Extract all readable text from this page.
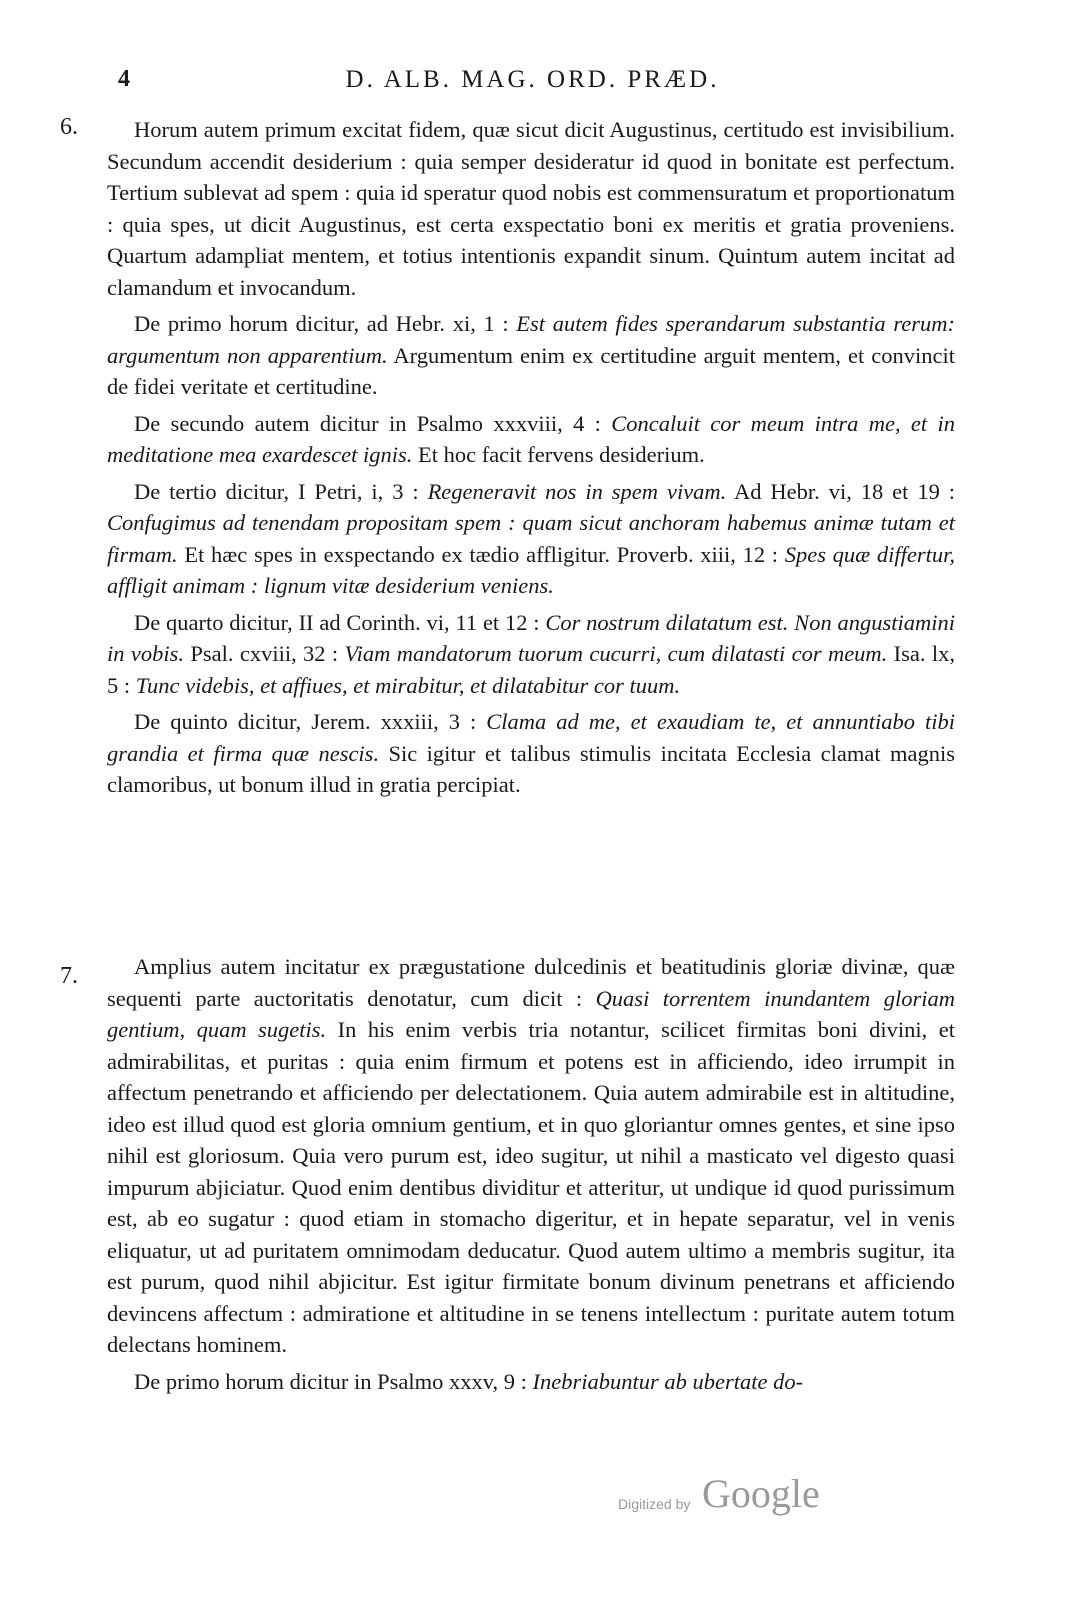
4	D. ALB. MAG. ORD. PRÆD.
6.	Horum autem primum excitat fidem, quæ sicut dicit Augustinus, certitudo est invisibilium. Secundum accendit desiderium : quia semper desideratur id quod in bonitate est perfectum. Tertium sublevat ad spem : quia id speratur quod nobis est commensuratum et proportionatum : quia spes, ut dicit Augustinus, est certa exspectatio boni ex meritis et gratia proveniens. Quartum adampliat mentem, et totius intentionis expandit sinum. Quintum autem incitat ad clamandum et invocandum.

De primo horum dicitur, ad Hebr. xi, 1 : Est autem fides sperandarum substantia rerum: argumentum non apparentium. Argumentum enim ex certitudine arguit mentem, et convincit de fidei veritate et certitudine.

De secundo autem dicitur in Psalmo xxxviii, 4 : Concaluit cor meum intra me, et in meditatione mea exardescet ignis. Et hoc facit fervens desiderium.

De tertio dicitur, I Petri, i, 3 : Regeneravit nos in spem vivam. Ad Hebr. vi, 18 et 19 : Confugimus ad tenendam propositam spem : quam sicut anchoram habemus animæ tutam et firmam. Et hæc spes in exspectando ex tædio affligitur. Proverb. xiii, 12 : Spes quæ differtur, affligit animam : lignum vitæ desiderium veniens.

De quarto dicitur, II ad Corinth. vi, 11 et 12 : Cor nostrum dilatatum est. Non angustiamini in vobis. Psal. cxviii, 32 : Viam mandatorum tuorum cucurri, cum dilatasti cor meum. Isa. lx, 5 : Tunc videbis, et affiues, et mirabitur, et dilatabitur cor tuum.

De quinto dicitur, Jerem. xxxiii, 3 : Clama ad me, et exaudiam te, et annuntiabo tibi grandia et firma quæ nescis. Sic igitur et talibus stimulis incitata Ecclesia clamat magnis clamoribus, ut bonum illud in gratia percipiat.

7.	Amplius autem incitatur ex prægustatione dulcedinis et beatitudinis gloriæ divinæ, quæ sequenti parte auctoritatis denotatur, cum dicit : Quasi torrentem inundantem gloriam gentium, quam sugetis. In his enim verbis tria notantur, scilicet firmitas boni divini, et admirabilitas, et puritas : quia enim firmum et potens est in afficiendo, ideo irrumpit in affectum penetrando et afficiendo per delectationem. Quia autem admirabile est in altitudine, ideo est illud quod est gloria omnium gentium, et in quo gloriantur omnes gentes, et sine ipso nihil est gloriosum. Quia vero purum est, ideo sugitur, ut nihil a masticato vel digesto quasi impurum abjiciatur. Quod enim dentibus dividitur et atteritur, ut undique id quod purissimum est, ab eo sugatur : quod etiam in stomacho digeritur, et in hepate separatur, vel in venis eliquatur, ut ad puritatem omnimodam deducatur. Quod autem ultimo a membris sugitur, ita est purum, quod nihil abjicitur. Est igitur firmitate bonum divinum penetrans et afficiendo devincens affectum : admiratione et altitudine in se tenens intellectum : puritate autem totum delectans hominem.

De primo horum dicitur in Psalmo xxxv, 9 : Inebriabuntur ab ubertate do-

Digitized by Google
